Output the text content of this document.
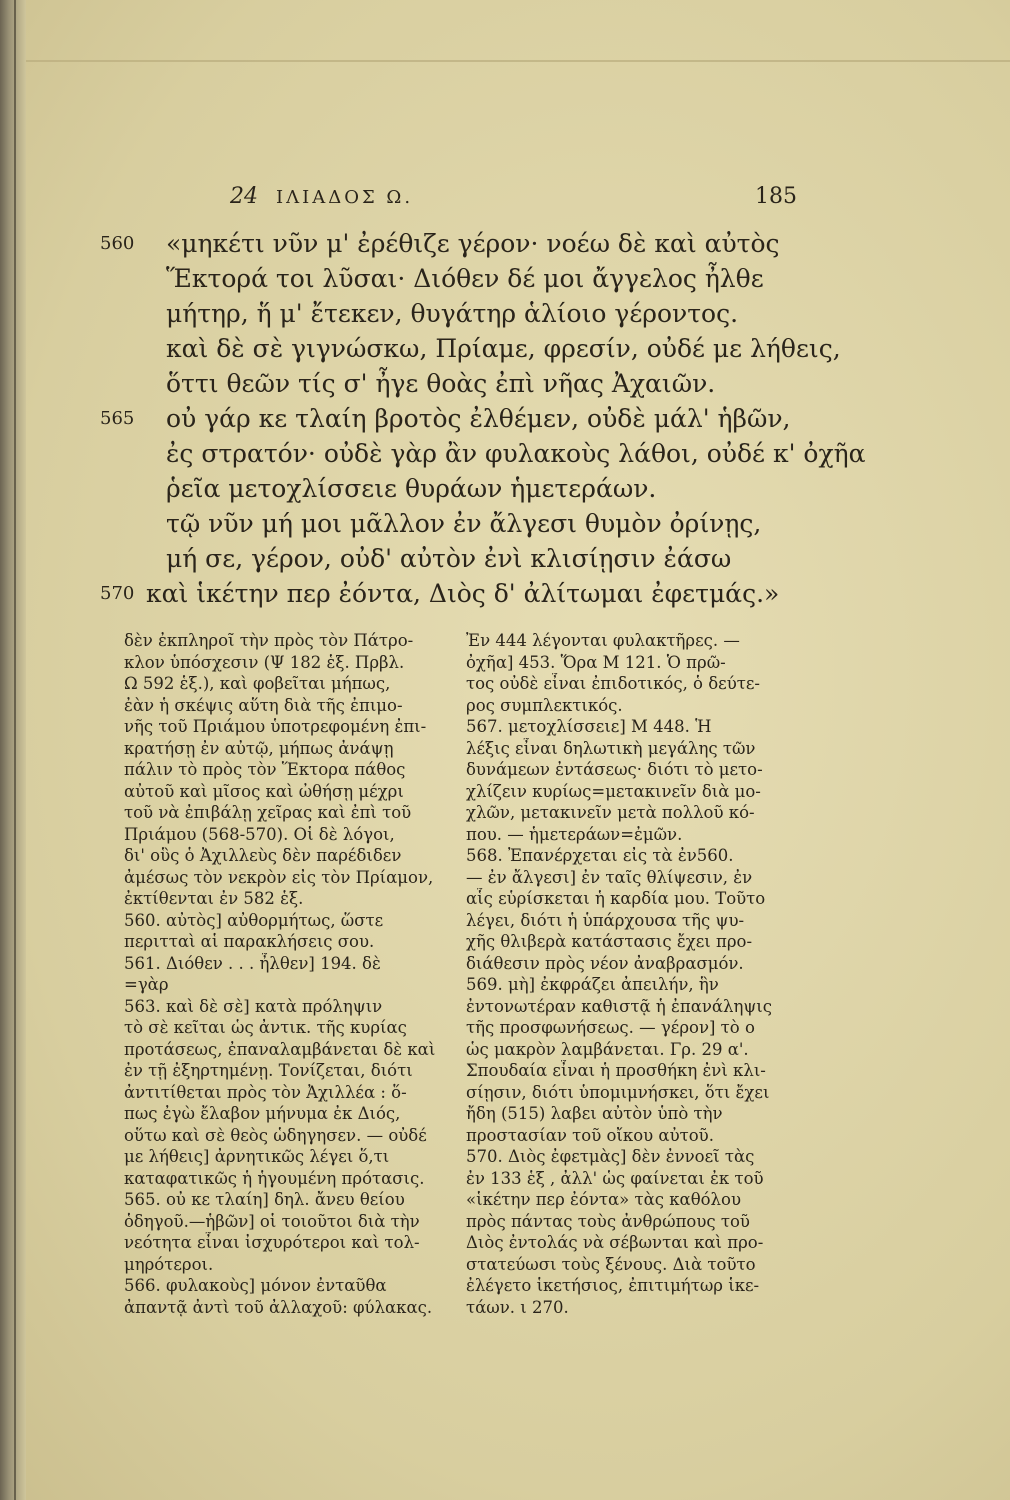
24 ΙΛΙΑΔΟΣ Ω.	185
560	«μηκέτι νῦν μ' ἐρέθιζε γέρον· νοέω δὲ καὶ αὐτὸς
Ἕκτορά τοι λῦσαι· Διόθεν δέ μοι ἄγγελος ἦλθε
μήτηρ, ἥ μ' ἔτεκεν, θυγάτηρ ἁλίοιο γέροντος.
καὶ δὲ σὲ γιγνώσκω, Πρίαμε, φρεσίν, οὐδέ με λήθεις,
ὅττι θεῶν τίς σ' ἦγε θοὰς ἐπὶ νῆας Ἀχαιῶν.
565	οὐ γάρ κε τλαίη βροτὸς ἐλθέμεν, οὐδὲ μάλ' ἡβῶν,
ἐς στρατόν· οὐδὲ γὰρ ἂν φυλακοὺς λάθοι, οὐδέ κ' ὀχῆα
ῥεῖα μετοχλίσσειε θυράων ἡμετεράων.
τῷ νῦν μή μοι μᾶλλον ἐν ἄλγεσι θυμὸν ὀρίνῃς,
μή σε, γέρον, οὐδ' αὐτὸν ἐνὶ κλισίῃσιν ἐάσω
570 καὶ ἱκέτην περ ἐόντα, Διὸς δ' ἀλίτωμαι ἐφετμάς.»
δὲν ἐκπληροῖ τὴν πρὸς τὸν Πάτρο-
κλον ὑπόσχεσιν (Ψ 182 ἑξ. Πρβλ.
Ω 592 ἑξ.), καὶ φοβεῖται μήπως,
ἐὰν ἡ σκέψις αὕτη διὰ τῆς ἐπιμο-
νῆς τοῦ Πριάμου ὑποτρεφομένη ἐπι-
κρατήσῃ ἐν αὐτῷ, μήπως ἀνάψῃ
πάλιν τὸ πρὸς τὸν Ἕκτορα πάθος
αὐτοῦ καὶ μῖσος καὶ ὠθήσῃ μέχρι
τοῦ νὰ ἐπιβάλῃ χεῖρας καὶ ἐπὶ τοῦ
Πριάμου (568-570). Οἱ δὲ λόγοι,
δι' οὓς ὁ Ἀχιλλεὺς δὲν παρέδιδεν
ἀμέσως τὸν νεκρὸν εἰς τὸν Πρίαμον,
ἐκτίθενται ἐν 582 ἑξ.
560. αὐτὸς] αὐθορμήτως, ὥστε
περιτταὶ αἱ παρακλήσεις σου.
561. Διόθεν . . . ἦλθεν] 194. δὲ
=γὰρ
563. καὶ δὲ σὲ] κατὰ πρόληψιν
τὸ σὲ κεῖται ὡς ἀντικ. τῆς κυρίας
προτάσεως, ἐπαναλαμβάνεται δὲ καὶ
ἐν τῇ ἐξηρτημένῃ. Τονίζεται, διότι
ἀντιτίθεται πρὸς τὸν Ἀχιλλέα : ὅ-
πως ἐγὼ ἔλαβον μήνυμα ἐκ Διός,
οὕτω καὶ σὲ θεὸς ὡδηγησεν. — οὐδέ
με λήθεις] ἀρνητικῶς λέγει ὅ,τι
καταφατικῶς ἡ ἡγουμένη πρότασις.
565. οὐ κε τλαίη] δηλ. ἄνευ θείου
ὁδηγοῦ.—ἡβῶν] οἱ τοιοῦτοι διὰ τὴν
νεότητα εἶναι ἰσχυρότεροι καὶ τολ-
μηρότεροι.
566. φυλακοὺς] μόνον ἐνταῦθα
ἀπαντᾷ ἀντὶ τοῦ ἀλλαχοῦ: φύλακας.
Ἐν 444 λέγονται φυλακτῆρες. —
ὀχῆα] 453. Ὅρα Μ 121. Ὁ πρῶ-
τος οὐδὲ εἶναι ἐπιδοτικός, ὁ δεύτε-
ρος συμπλεκτικός.
567. μετοχλίσσειε] Μ 448. Ἡ
λέξις εἶναι δηλωτικὴ μεγάλης τῶν
δυνάμεων ἐντάσεως· διότι τὸ μετο-
χλίζειν κυρίως=μετακινεῖν διὰ μο-
χλῶν, μετακινεῖν μετὰ πολλοῦ κό-
που. — ἡμετεράων=ἐμῶν.
568. Ἐπανέρχεται εἰς τὰ ἐν560.
— ἐν ἄλγεσι] ἐν ταῖς θλίψεσιν, ἐν
αἷς εὑρίσκεται ἡ καρδία μου. Τοῦτο
λέγει, διότι ἡ ὑπάρχουσα τῆς ψυ-
χῆς θλιβερὰ κατάστασις ἔχει προ-
διάθεσιν πρὸς νέον ἀναβρασμόν.
569. μὴ] ἐκφράζει ἀπειλήν, ἣν
ἐντονωτέραν καθιστᾷ ἡ ἐπανάληψις
τῆς προσφωνήσεως. — γέρον] τὸ ο
ὡς μακρὸν λαμβάνεται. Γρ. 29 α'.
Σπουδαία εἶναι ἡ προσθήκη ἐνὶ κλι-
σίῃσιν, διότι ὑπομιμνήσκει, ὅτι ἔχει
ἤδη (515) λαβει αὐτὸν ὑπὸ τὴν
προστασίαν τοῦ οἴκου αὐτοῦ.
570. Διὸς ἐφετμὰς] δὲν ἐννοεῖ τὰς
ἐν 133 ἑξ , ἀλλ' ὡς φαίνεται ἐκ τοῦ
«ἱκέτην περ ἐόντα» τὰς καθόλου
πρὸς πάντας τοὺς ἀνθρώπους τοῦ
Διὸς ἐντολάς νὰ σέβωνται καὶ προ-
στατεύωσι τοὺς ξένους. Διὰ τοῦτο
ἐλέγετο ἱκετήσιος, ἐπιτιμήτωρ ἱκε-
τάων. ι 270.
